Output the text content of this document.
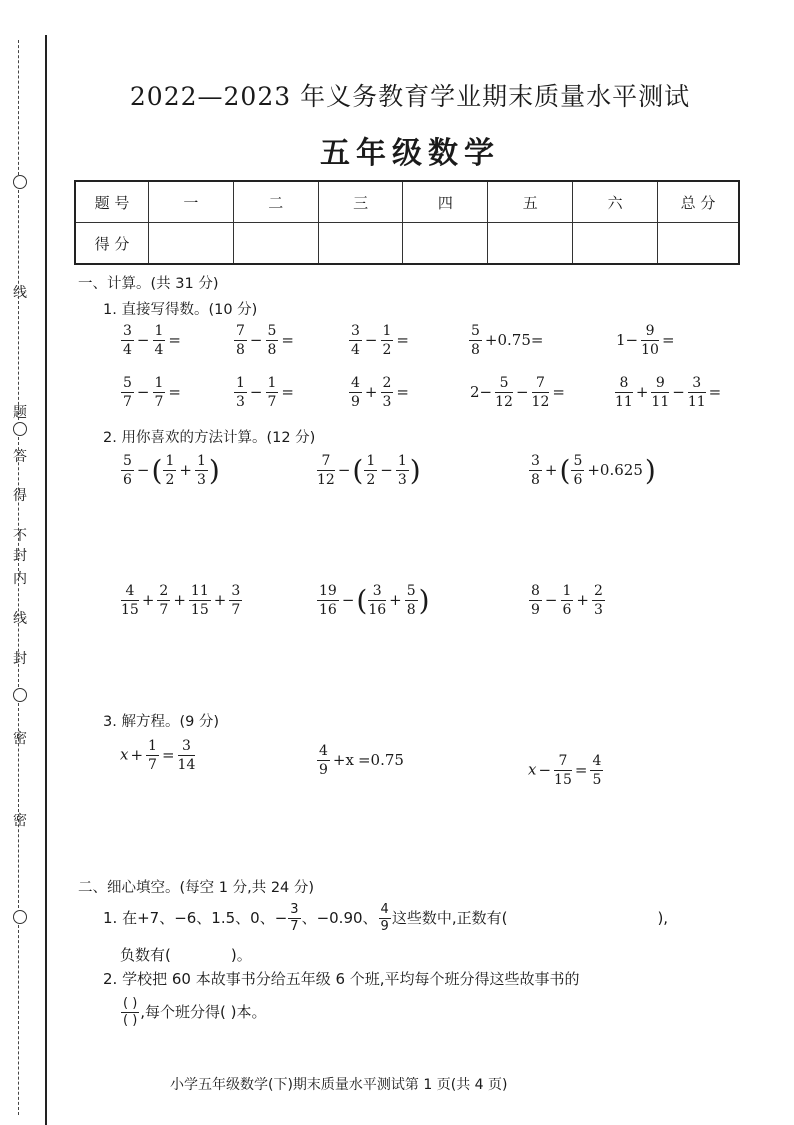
线
题
答
得
不
内
线
封
密
封
密
2022—2023 年义务教育学业期末质量水平测试
五年级数学
题 号	一	二	三	四	五	六	总 分
得 分							
一、计算。(共 31 分)
1. 直接写得数。(10 分)
$\frac{3}{4} - \frac{1}{4}$ =	$\frac{7}{8} - \frac{5}{8}$ =	$\frac{3}{4} - \frac{1}{2}$ =	$\frac{5}{8} +0.75=$	$1- \frac{9}{10}$ =
$\frac{5}{7} - \frac{1}{7}$ =	$\frac{1}{3} - \frac{1}{7}$ =	$\frac{4}{9} + \frac{2}{3}$ =	$2- \frac{5}{12} - \frac{7}{12}$ =	$\frac{8}{11} + \frac{9}{11} - \frac{3}{11}$ =
2. 用你喜欢的方法计算。(12 分)
$\frac{5}{6}$ −( $\frac{1}{2} + \frac{1}{3}$ )	$\frac{7}{12}$ −( $\frac{1}{2} - \frac{1}{3}$ )	$\frac{3}{8}$ +( $\frac{5}{6} +0.625$)
$\frac{4}{15} + \frac{2}{7} + \frac{11}{15} + \frac{3}{7}$	$\frac{19}{16}$ −( $\frac{3}{16} + \frac{5}{8}$ )	$\frac{8}{9} - \frac{1}{6} + \frac{2}{3}$
3. 解方程。(9 分)
$x + \frac{1}{7} = \frac{3}{14}$	$\frac{4}{9} +x =0.75$
$x - \frac{7}{15} = \frac{4}{5}$
二、细心填空。(每空 1 分,共 24 分)
1. 在+7、−6、1.5、0、− $\frac{3}{7}$ 、−0.90、 $\frac{4}{9}$ 这些数中,正数有(	),
负数有(	)。
2. 学校把 60 本故事书分给五年级 6 个班,平均每个班分得这些故事书的
$\frac{( )}{( )}$ ,每个班分得( )本。
小学五年级数学(下)期末质量水平测试第 1 页(共 4 页)
